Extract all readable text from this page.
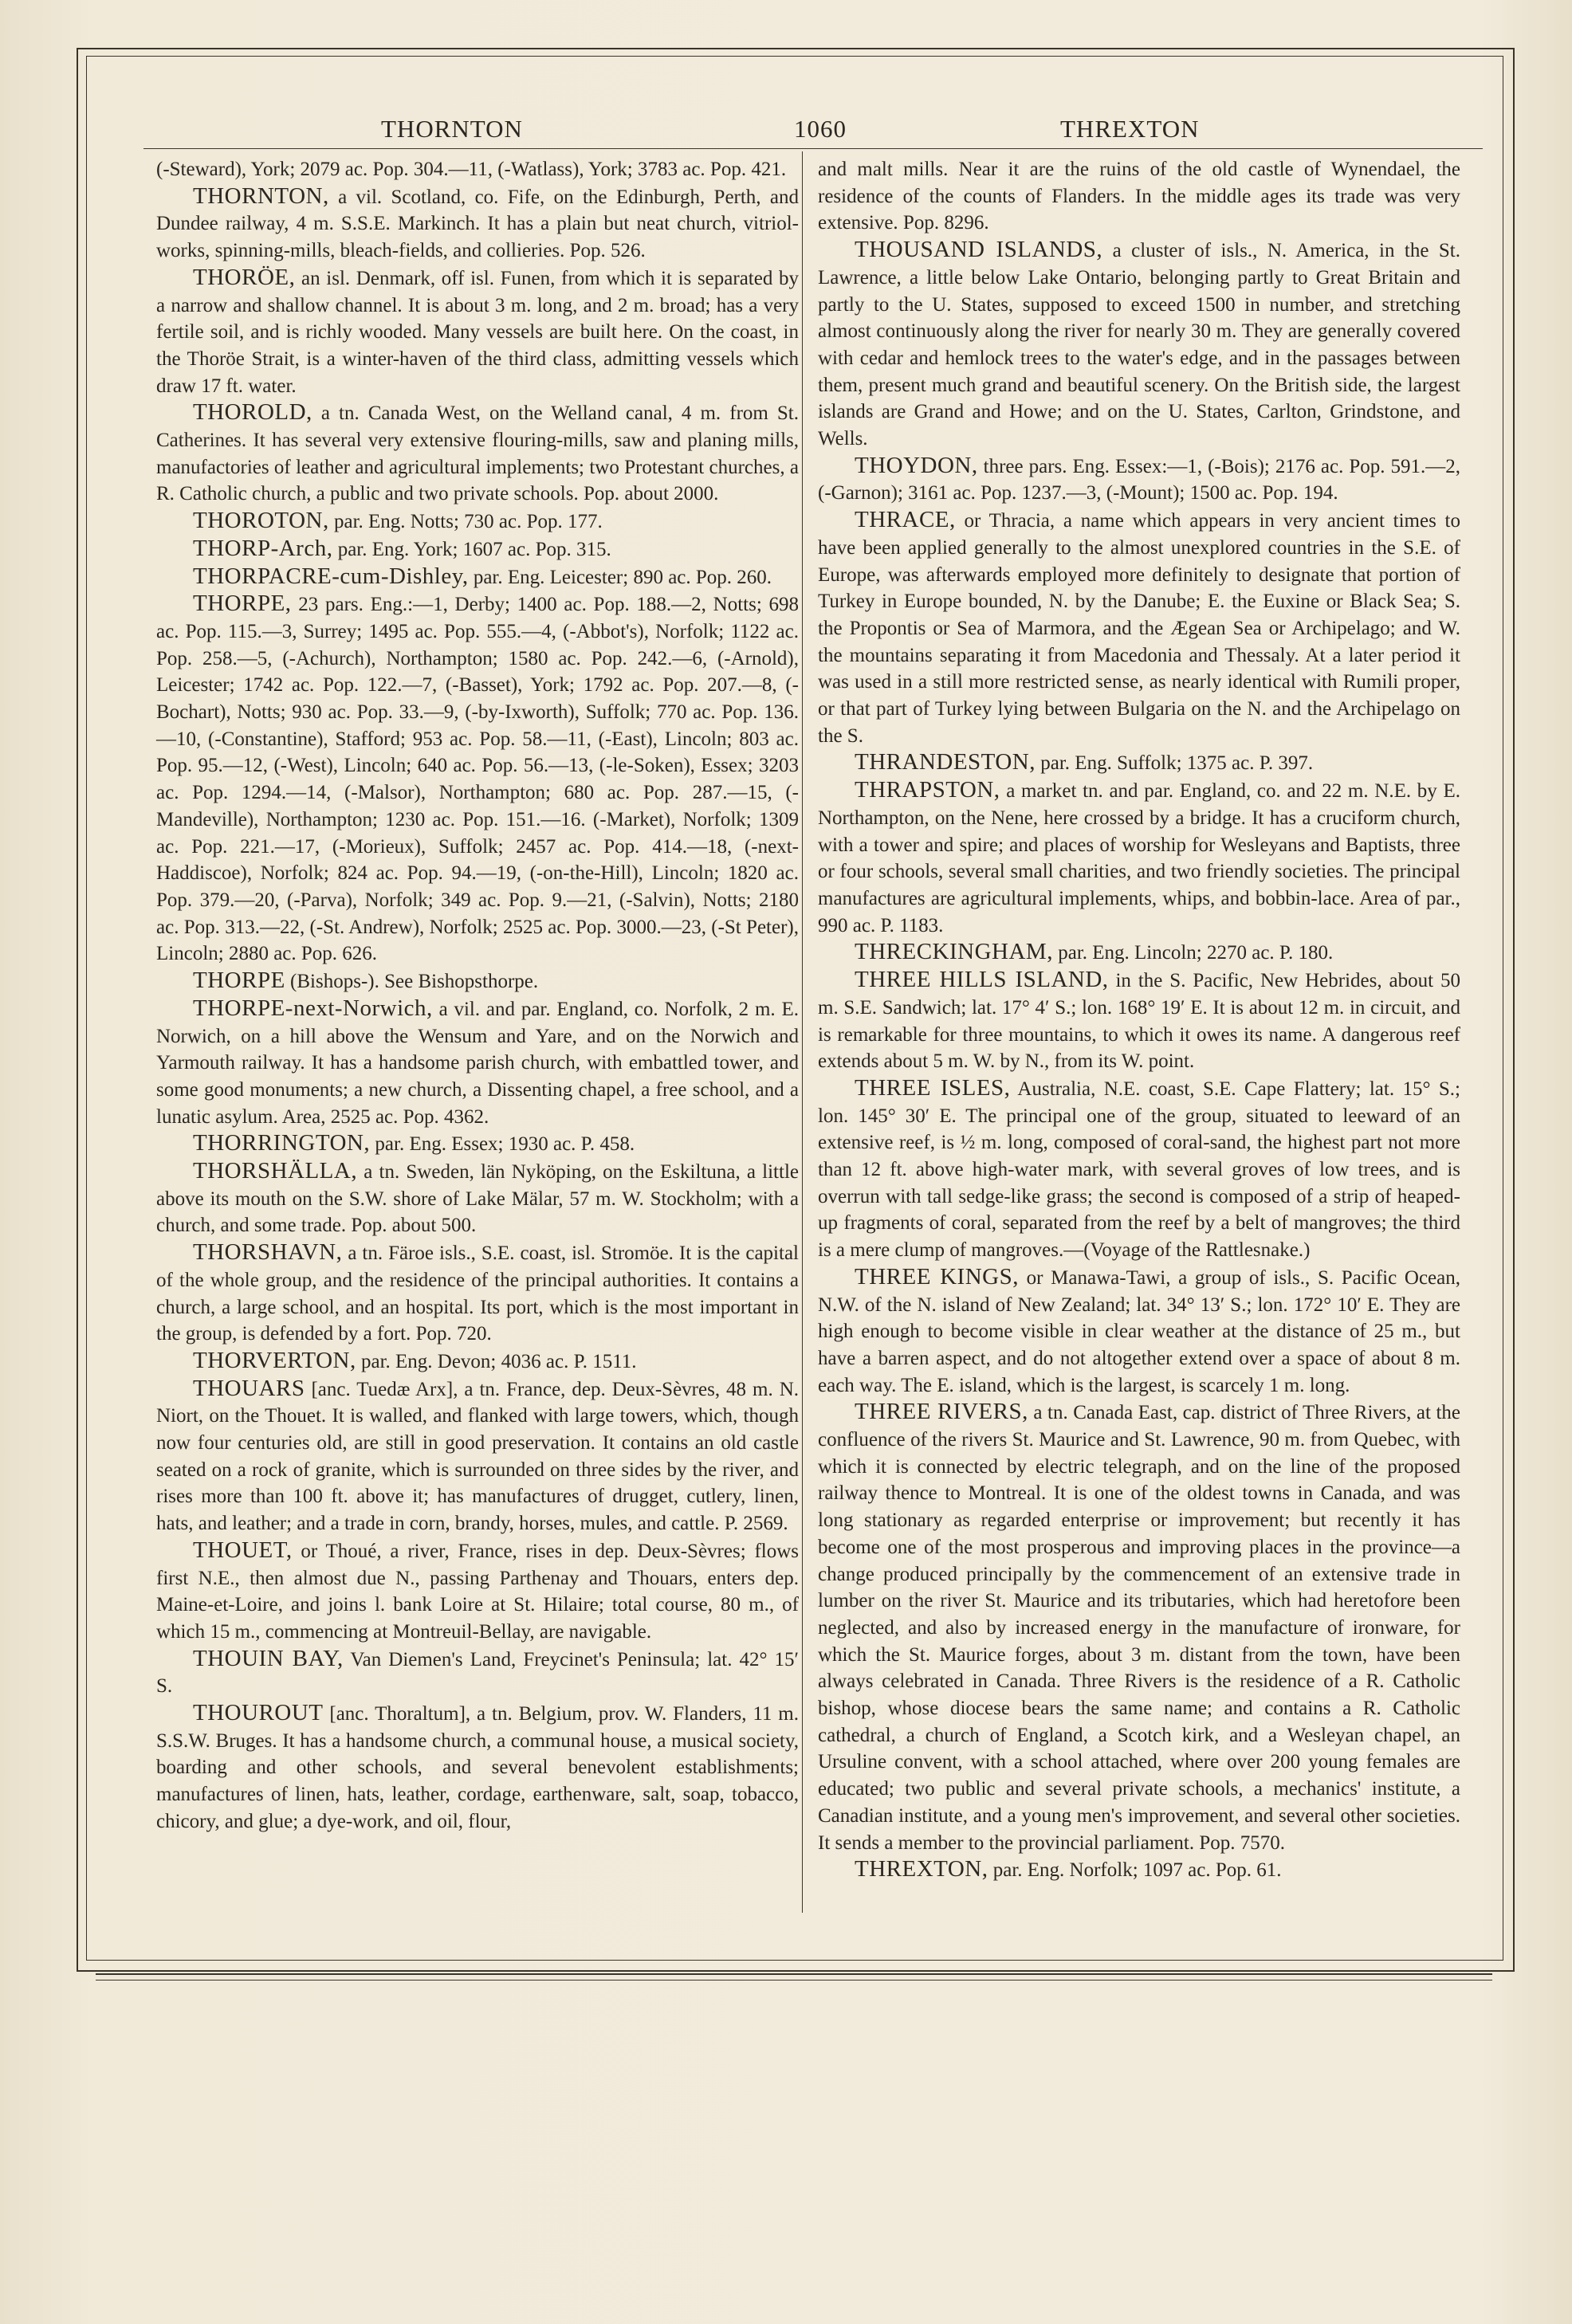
THORNTON	1060	THREXTON

(-Steward), York; 2079 ac. Pop. 304.—11, (-Watlass), York; 3783 ac. Pop. 421.

THORNTON, a vil. Scotland, co. Fife, on the Edinburgh, Perth, and Dundee railway, 4 m. S.S.E. Markinch. It has a plain but neat church, vitriol-works, spinning-mills, bleach-fields, and collieries. Pop. 526.

THORÖE, an isl. Denmark, off isl. Funen, from which it is separated by a narrow and shallow channel. It is about 3 m. long, and 2 m. broad; has a very fertile soil, and is richly wooded. Many vessels are built here. On the coast, in the Thoröe Strait, is a winter-haven of the third class, admitting vessels which draw 17 ft. water.

THOROLD, a tn. Canada West, on the Welland canal, 4 m. from St. Catherines. It has several very extensive flouring-mills, saw and planing mills, manufactories of leather and agricultural implements; two Protestant churches, a R. Catholic church, a public and two private schools. Pop. about 2000.

THOROTON, par. Eng. Notts; 730 ac. Pop. 177.

THORP-Arch, par. Eng. York; 1607 ac. Pop. 315.

THORPACRE-cum-Dishley, par. Eng. Leicester; 890 ac. Pop. 260.

THORPE, 23 pars. Eng.:—1, Derby; 1400 ac. Pop. 188.—2, Notts; 698 ac. Pop. 115.—3, Surrey; 1495 ac. Pop. 555.—4, (-Abbot's), Norfolk; 1122 ac. Pop. 258.—5, (-Achurch), Northampton; 1580 ac. Pop. 242.—6, (-Arnold), Leicester; 1742 ac. Pop. 122.—7, (-Basset), York; 1792 ac. Pop. 207.—8, (-Bochart), Notts; 930 ac. Pop. 33.—9, (-by-Ixworth), Suffolk; 770 ac. Pop. 136.—10, (-Constantine), Stafford; 953 ac. Pop. 58.—11, (-East), Lincoln; 803 ac. Pop. 95.—12, (-West), Lincoln; 640 ac. Pop. 56.—13, (-le-Soken), Essex; 3203 ac. Pop. 1294.—14, (-Malsor), Northampton; 680 ac. Pop. 287.—15, (-Mandeville), Northampton; 1230 ac. Pop. 151.—16. (-Market), Norfolk; 1309 ac. Pop. 221.—17, (-Morieux), Suffolk; 2457 ac. Pop. 414.—18, (-next-Haddiscoe), Norfolk; 824 ac. Pop. 94.—19, (-on-the-Hill), Lincoln; 1820 ac. Pop. 379.—20, (-Parva), Norfolk; 349 ac. Pop. 9.—21, (-Salvin), Notts; 2180 ac. Pop. 313.—22, (-St. Andrew), Norfolk; 2525 ac. Pop. 3000.—23, (-St Peter), Lincoln; 2880 ac. Pop. 626.

THORPE (Bishops-). See Bishopsthorpe.

THORPE-next-Norwich, a vil. and par. England, co. Norfolk, 2 m. E. Norwich, on a hill above the Wensum and Yare, and on the Norwich and Yarmouth railway. It has a handsome parish church, with embattled tower, and some good monuments; a new church, a Dissenting chapel, a free school, and a lunatic asylum. Area, 2525 ac. Pop. 4362.

THORRINGTON, par. Eng. Essex; 1930 ac. P. 458.

THORSHÄLLA, a tn. Sweden, län Nyköping, on the Eskiltuna, a little above its mouth on the S.W. shore of Lake Mälar, 57 m. W. Stockholm; with a church, and some trade. Pop. about 500.

THORSHAVN, a tn. Färoe isls., S.E. coast, isl. Stromöe. It is the capital of the whole group, and the residence of the principal authorities. It contains a church, a large school, and an hospital. Its port, which is the most important in the group, is defended by a fort. Pop. 720.

THORVERTON, par. Eng. Devon; 4036 ac. P. 1511.

THOUARS [anc. Tuedæ Arx], a tn. France, dep. Deux-Sèvres, 48 m. N. Niort, on the Thouet. It is walled, and flanked with large towers, which, though now four centuries old, are still in good preservation. It contains an old castle seated on a rock of granite, which is surrounded on three sides by the river, and rises more than 100 ft. above it; has manufactures of drugget, cutlery, linen, hats, and leather; and a trade in corn, brandy, horses, mules, and cattle. P. 2569.

THOUET, or Thoué, a river, France, rises in dep. Deux-Sèvres; flows first N.E., then almost due N., passing Parthenay and Thouars, enters dep. Maine-et-Loire, and joins l. bank Loire at St. Hilaire; total course, 80 m., of which 15 m., commencing at Montreuil-Bellay, are navigable.

THOUIN BAY, Van Diemen's Land, Freycinet's Peninsula; lat. 42° 15′ S.

THOUROUT [anc. Thoraltum], a tn. Belgium, prov. W. Flanders, 11 m. S.S.W. Bruges. It has a handsome church, a communal house, a musical society, boarding and other schools, and several benevolent establishments; manufactures of linen, hats, leather, cordage, earthenware, salt, soap, tobacco, chicory, and glue; a dye-work, and oil, flour,

and malt mills. Near it are the ruins of the old castle of Wynendael, the residence of the counts of Flanders. In the middle ages its trade was very extensive. Pop. 8296.

THOUSAND ISLANDS, a cluster of isls., N. America, in the St. Lawrence, a little below Lake Ontario, belonging partly to Great Britain and partly to the U. States, supposed to exceed 1500 in number, and stretching almost continuously along the river for nearly 30 m. They are generally covered with cedar and hemlock trees to the water's edge, and in the passages between them, present much grand and beautiful scenery. On the British side, the largest islands are Grand and Howe; and on the U. States, Carlton, Grindstone, and Wells.

THOYDON, three pars. Eng. Essex:—1, (-Bois); 2176 ac. Pop. 591.—2, (-Garnon); 3161 ac. Pop. 1237.—3, (-Mount); 1500 ac. Pop. 194.

THRACE, or Thracia, a name which appears in very ancient times to have been applied generally to the almost unexplored countries in the S.E. of Europe, was afterwards employed more definitely to designate that portion of Turkey in Europe bounded, N. by the Danube; E. the Euxine or Black Sea; S. the Propontis or Sea of Marmora, and the Ægean Sea or Archipelago; and W. the mountains separating it from Macedonia and Thessaly. At a later period it was used in a still more restricted sense, as nearly identical with Rumili proper, or that part of Turkey lying between Bulgaria on the N. and the Archipelago on the S.

THRANDESTON, par. Eng. Suffolk; 1375 ac. P. 397.

THRAPSTON, a market tn. and par. England, co. and 22 m. N.E. by E. Northampton, on the Nene, here crossed by a bridge. It has a cruciform church, with a tower and spire; and places of worship for Wesleyans and Baptists, three or four schools, several small charities, and two friendly societies. The principal manufactures are agricultural implements, whips, and bobbin-lace. Area of par., 990 ac. P. 1183.

THRECKINGHAM, par. Eng. Lincoln; 2270 ac. P. 180.

THREE HILLS ISLAND, in the S. Pacific, New Hebrides, about 50 m. S.E. Sandwich; lat. 17° 4′ S.; lon. 168° 19′ E. It is about 12 m. in circuit, and is remarkable for three mountains, to which it owes its name. A dangerous reef extends about 5 m. W. by N., from its W. point.

THREE ISLES, Australia, N.E. coast, S.E. Cape Flattery; lat. 15° S.; lon. 145° 30′ E. The principal one of the group, situated to leeward of an extensive reef, is ½ m. long, composed of coral-sand, the highest part not more than 12 ft. above high-water mark, with several groves of low trees, and is overrun with tall sedge-like grass; the second is composed of a strip of heaped-up fragments of coral, separated from the reef by a belt of mangroves; the third is a mere clump of mangroves.—(Voyage of the Rattlesnake.)

THREE KINGS, or Manawa-Tawi, a group of isls., S. Pacific Ocean, N.W. of the N. island of New Zealand; lat. 34° 13′ S.; lon. 172° 10′ E. They are high enough to become visible in clear weather at the distance of 25 m., but have a barren aspect, and do not altogether extend over a space of about 8 m. each way. The E. island, which is the largest, is scarcely 1 m. long.

THREE RIVERS, a tn. Canada East, cap. district of Three Rivers, at the confluence of the rivers St. Maurice and St. Lawrence, 90 m. from Quebec, with which it is connected by electric telegraph, and on the line of the proposed railway thence to Montreal. It is one of the oldest towns in Canada, and was long stationary as regarded enterprise or improvement; but recently it has become one of the most prosperous and improving places in the province—a change produced principally by the commencement of an extensive trade in lumber on the river St. Maurice and its tributaries, which had heretofore been neglected, and also by increased energy in the manufacture of ironware, for which the St. Maurice forges, about 3 m. distant from the town, have been always celebrated in Canada. Three Rivers is the residence of a R. Catholic bishop, whose diocese bears the same name; and contains a R. Catholic cathedral, a church of England, a Scotch kirk, and a Wesleyan chapel, an Ursuline convent, with a school attached, where over 200 young females are educated; two public and several private schools, a mechanics' institute, a Canadian institute, and a young men's improvement, and several other societies. It sends a member to the provincial parliament. Pop. 7570.

THREXTON, par. Eng. Norfolk; 1097 ac. Pop. 61.
